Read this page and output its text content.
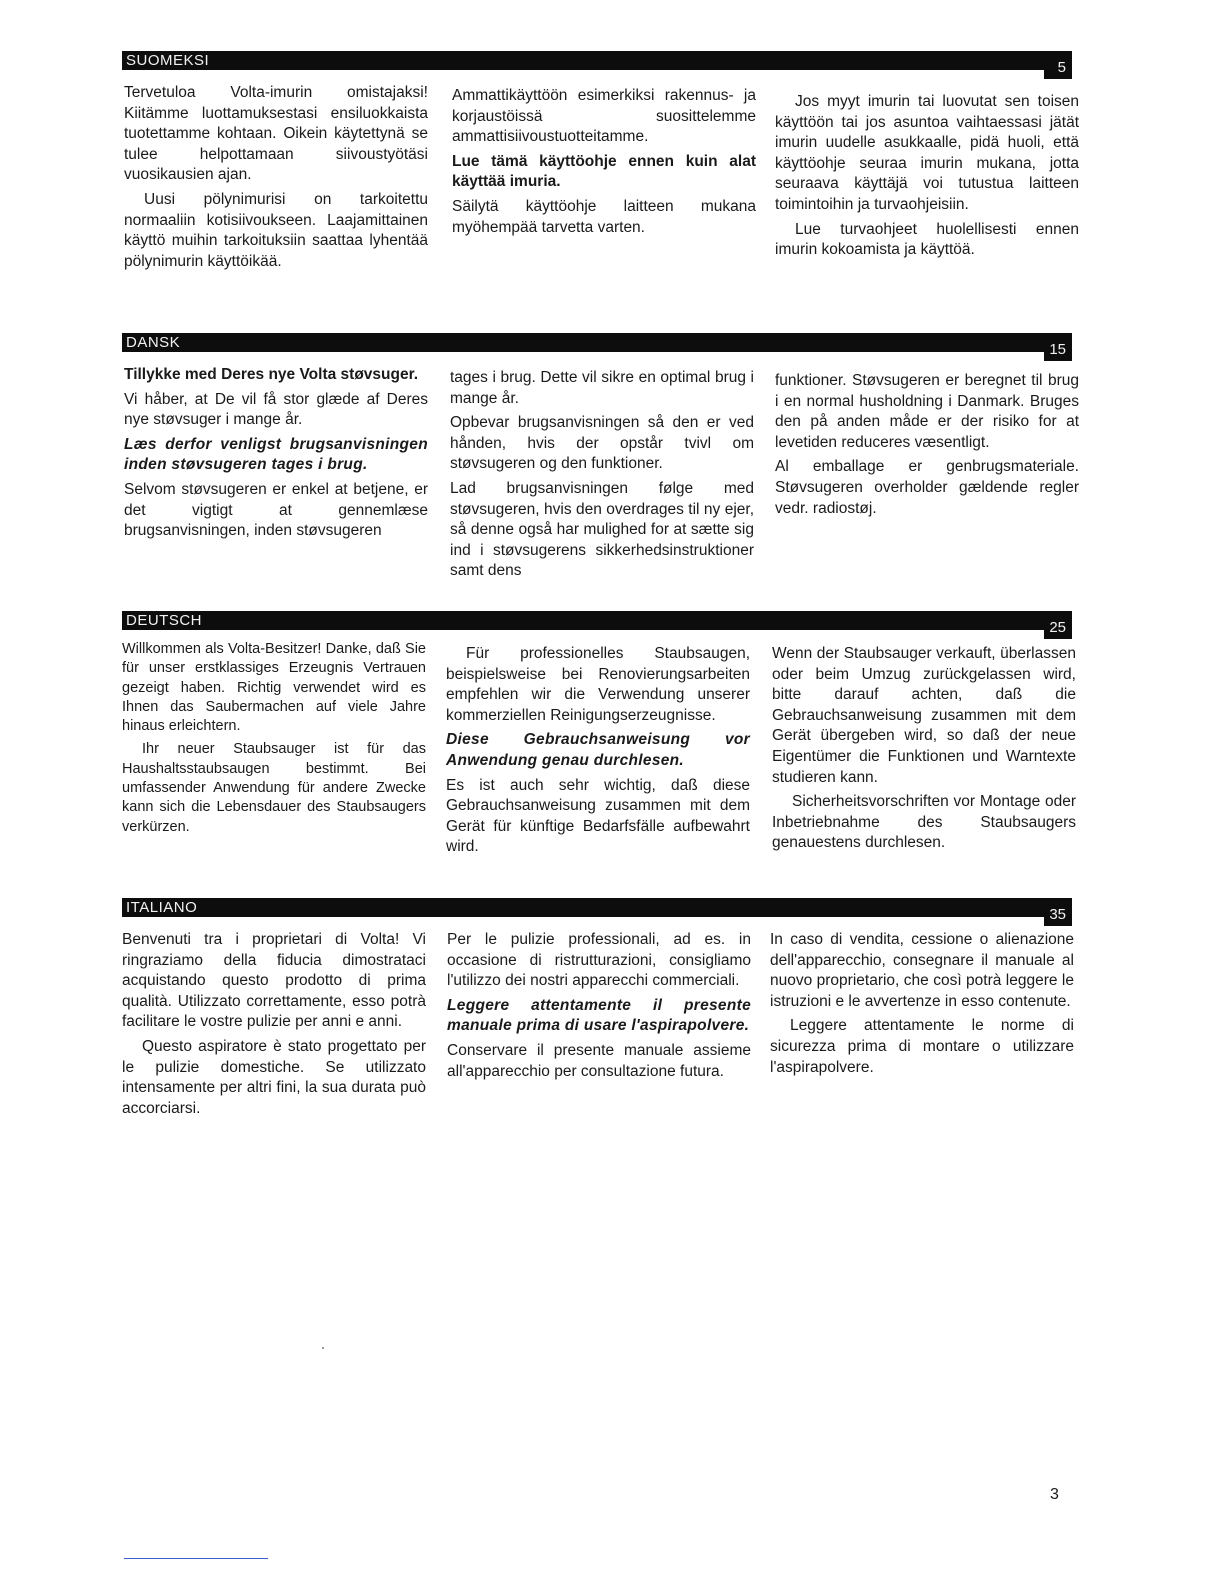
SUOMEKSI	5

Tervetuloa Volta-imurin omistajaksi! Kiitämme luottamuksestasi ensiluokkaista tuotettamme kohtaan. Oikein käytettynä se tulee helpottamaan siivoustyötäsi vuosikausien ajan.

Uusi pölynimurisi on tarkoitettu normaaliin kotisiivoukseen. Laajamittainen käyttö muihin tarkoituksiin saattaa lyhentää pölynimurin käyttöikää.

Ammattikäyttöön esimerkiksi rakennus- ja korjaustöissä suosittelemme ammattisiivoustuotteitamme.

Lue tämä käyttöohje ennen kuin alat käyttää imuria.

Säilytä käyttöohje laitteen mukana myöhempää tarvetta varten.

Jos myyt imurin tai luovutat sen toisen käyttöön tai jos asuntoa vaihtaessasi jätät imurin uudelle asukkaalle, pidä huoli, että käyttöohje seuraa imurin mukana, jotta seuraava käyttäjä voi tutustua laitteen toimintoihin ja turvaohjeisiin.

Lue turvaohjeet huolellisesti ennen imurin kokoamista ja käyttöä.

DANSK	15

Tillykke med Deres nye Volta støvsuger.

Vi håber, at De vil få stor glæde af Deres nye støvsuger i mange år.

Læs derfor venligst brugsanvisningen inden støvsugeren tages i brug.

Selvom støvsugeren er enkel at betjene, er det vigtigt at gennemlæse brugsanvisningen, inden støvsugeren

tages i brug. Dette vil sikre en optimal brug i mange år.

Opbevar brugsanvisningen så den er ved hånden, hvis der opstår tvivl om støvsugeren og den funktioner.

Lad brugsanvisningen følge med støvsugeren, hvis den overdrages til ny ejer, så denne også har mulighed for at sætte sig ind i støvsugerens sikkerhedsinstruktioner samt dens

funktioner. Støvsugeren er beregnet til brug i en normal husholdning i Danmark. Bruges den på anden måde er der risiko for at levetiden reduceres væsentligt.

Al emballage er genbrugsmateriale. Støvsugeren overholder gældende regler vedr. radiostøj.

DEUTSCH	25

Willkommen als Volta-Besitzer! Danke, daß Sie für unser erstklassiges Erzeugnis Vertrauen gezeigt haben. Richtig verwendet wird es Ihnen das Saubermachen auf viele Jahre hinaus erleichtern.

Ihr neuer Staubsauger ist für das Haushaltsstaubsaugen bestimmt. Bei umfassender Anwendung für andere Zwecke kann sich die Lebensdauer des Staubsaugers verkürzen.

Für professionelles Staubsaugen, beispielsweise bei Renovierungsarbeiten empfehlen wir die Verwendung unserer kommerziellen Reinigungserzeugnisse.

Diese Gebrauchsanweisung vor Anwendung genau durchlesen.

Es ist auch sehr wichtig, daß diese Gebrauchsanweisung zusammen mit dem Gerät für künftige Bedarfsfälle aufbewahrt wird.

Wenn der Staubsauger verkauft, überlassen oder beim Umzug zurückgelassen wird, bitte darauf achten, daß die Gebrauchsanweisung zusammen mit dem Gerät übergeben wird, so daß der neue Eigentümer die Funktionen und Warntexte studieren kann.

Sicherheitsvorschriften vor Montage oder Inbetriebnahme des Staubsaugers genauestens durchlesen.

ITALIANO	35

Benvenuti tra i proprietari di Volta! Vi ringraziamo della fiducia dimostrataci acquistando questo prodotto di prima qualità. Utilizzato correttamente, esso potrà facilitare le vostre pulizie per anni e anni.

Questo aspiratore è stato progettato per le pulizie domestiche. Se utilizzato intensamente per altri fini, la sua durata può accorciarsi.

Per le pulizie professionali, ad es. in occasione di ristrutturazioni, consigliamo l'utilizzo dei nostri apparecchi commerciali.

Leggere attentamente il presente manuale prima di usare l'aspirapolvere.

Conservare il presente manuale assieme all'apparecchio per consultazione futura.

In caso di vendita, cessione o alienazione dell'apparecchio, consegnare il manuale al nuovo proprietario, che così potrà leggere le istruzioni e le avvertenze in esso contenute.

Leggere attentamente le norme di sicurezza prima di montare o utilizzare l'aspirapolvere.

3
